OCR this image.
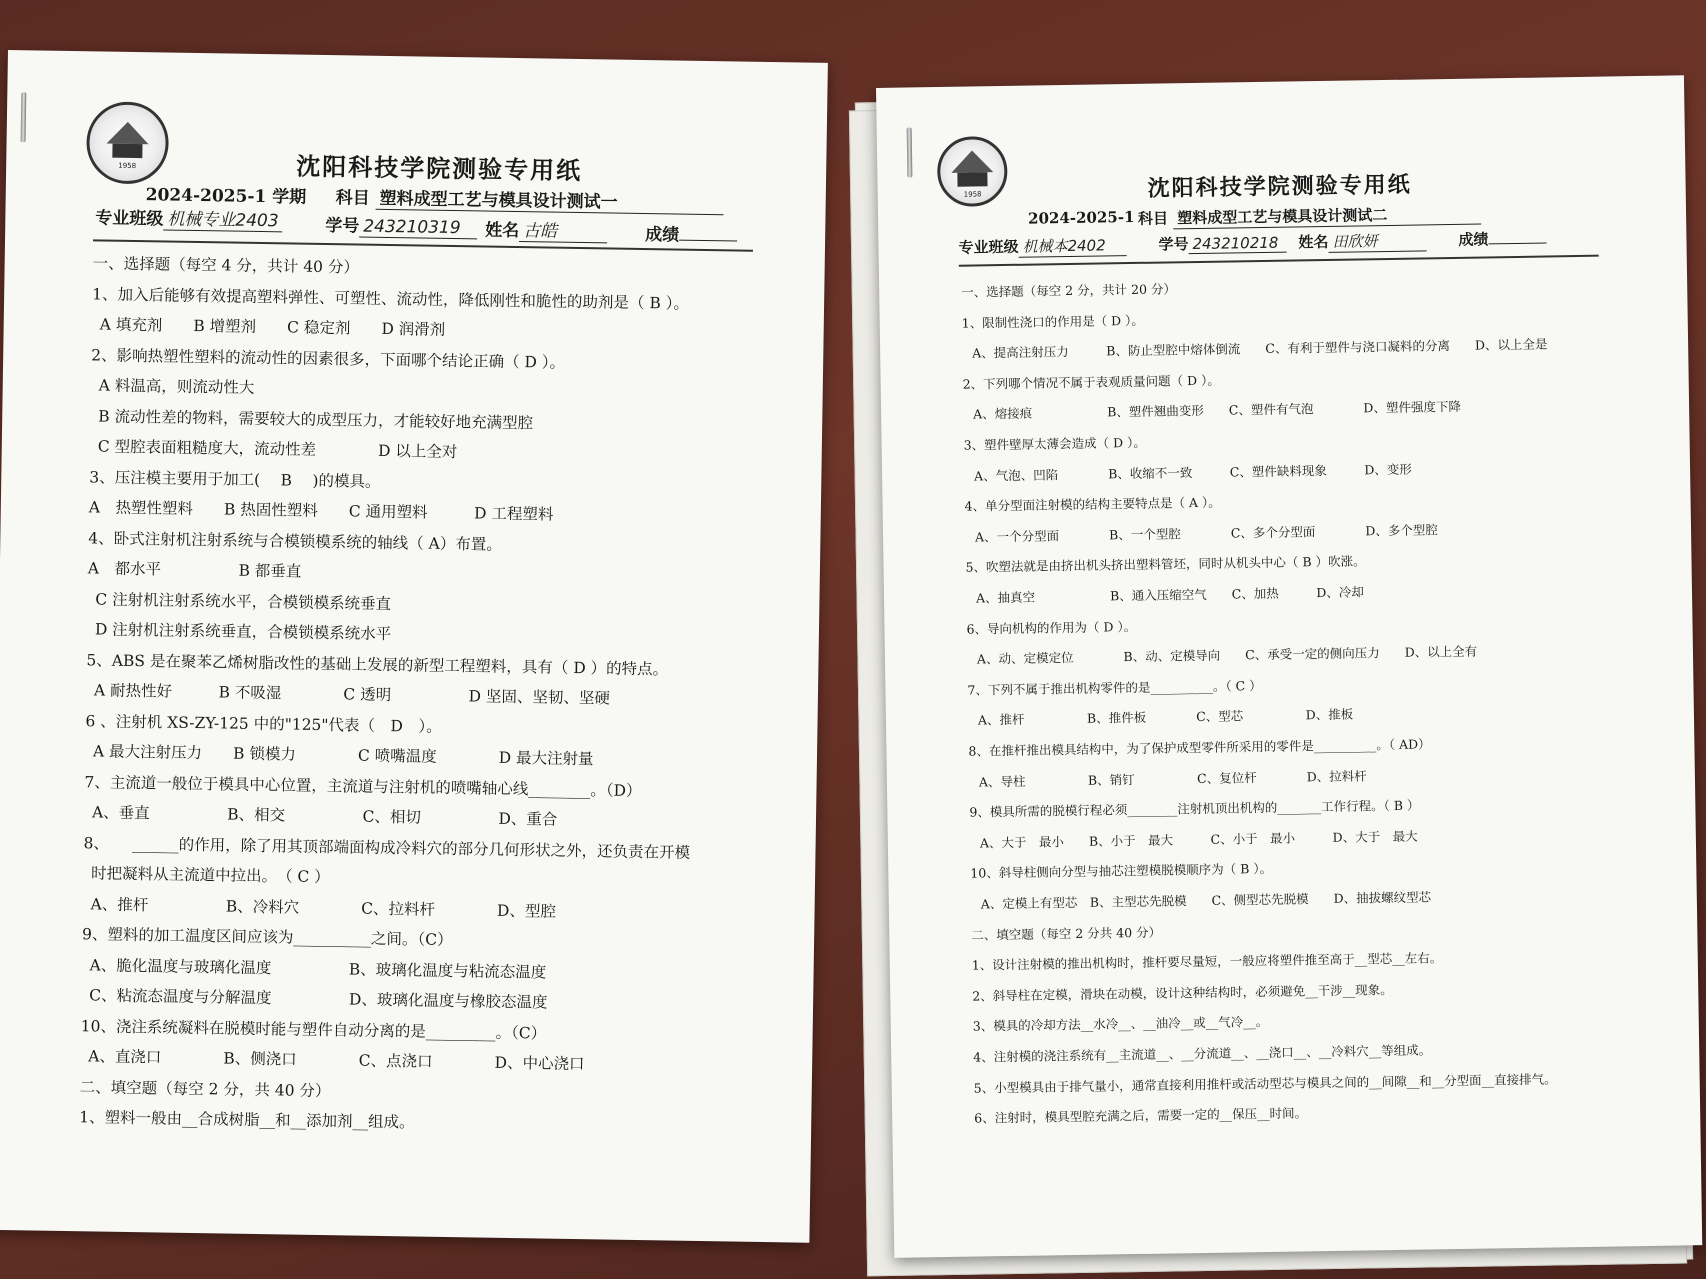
1958	沈阳科技学院测验专用纸
2024-2025-1 学期 科目 塑料成型工艺与模具设计测试一
专业班级 机械专业2403	学号 243210319	姓名 古皓	成绩
一、选择题（每空 4 分，共计 40 分）
1、加入后能够有效提高塑料弹性、可塑性、流动性，降低刚性和脆性的助剂是（ B ）。
A 填充剂　　B 增塑剂　　C 稳定剂　　D 润滑剂
2、影响热塑性塑料的流动性的因素很多，下面哪个结论正确（ D ）。
A 料温高，则流动性大
B 流动性差的物料，需要较大的成型压力，才能较好地充满型腔
C 型腔表面粗糙度大，流动性差　　　　D 以上全对
3、压注模主要用于加工(　 B　 )的模具。
A　热塑性塑料　　B 热固性塑料　　C 通用塑料　　　D 工程塑料
4、卧式注射机注射系统与合模锁模系统的轴线（ A）布置。
A　都水平　　　　　B 都垂直
C 注射机注射系统水平，合模锁模系统垂直
D 注射机注射系统垂直，合模锁模系统水平
5、ABS 是在聚苯乙烯树脂改性的基础上发展的新型工程塑料，具有（ D ）的特点。
A 耐热性好　　　B 不吸湿　　　　C 透明　　　　　D 坚固、坚韧、坚硬
6 、注射机 XS-ZY-125 中的"125"代表（　D　）。
A 最大注射压力　　B 锁模力　　　　C 喷嘴温度　　　　D 最大注射量
7、主流道一般位于模具中心位置，主流道与注射机的喷嘴轴心线________。（D）
A、垂直　　　　　B、相交　　　　　C、相切　　　　　D、重合
8、　　______的作用，除了用其顶部端面构成冷料穴的部分几何形状之外，还负责在开模
时把凝料从主流道中拉出。　（ C ）
A、推杆　　　　　B、冷料穴　　　　C、拉料杆　　　　D、型腔
9、塑料的加工温度区间应该为__________之间。（C）
A、脆化温度与玻璃化温度　　　　　B、玻璃化温度与粘流态温度
C、粘流态温度与分解温度　　　　　D、玻璃化温度与橡胶态温度
10、浇注系统凝料在脱模时能与塑件自动分离的是_________。（C）
A、直浇口　　　　B、侧浇口　　　　C、点浇口　　　　D、中心浇口
二、填空题（每空 2 分，共 40 分）
1、塑料一般由__合成树脂__和__添加剂__组成。
1958	沈阳科技学院测验专用纸
2024-2025-1 科目 塑料成型工艺与模具设计测试二
专业班级 机械本2402	学号 243210218	姓名 田欣妍	成绩
一、选择题（每空 2 分，共计 20 分）
1、限制性浇口的作用是（ D ）。
A、提高注射压力　　　B、防止型腔中熔体倒流　　C、有利于塑件与浇口凝料的分离　　D、以上全是
2、下列哪个情况不属于表观质量问题（ D ）。
A、熔接痕　　　　　　B、塑件翘曲变形　　C、塑件有气泡　　　　D、塑件强度下降
3、塑件壁厚太薄会造成（ D ）。
A、气泡、凹陷　　　　B、收缩不一致　　　C、塑件缺料现象　　　D、变形
4、单分型面注射模的结构主要特点是（ A ）。
A、一个分型面　　　　B、一个型腔　　　　C、多个分型面　　　　D、多个型腔
5、吹塑法就是由挤出机头挤出塑料管坯，同时从机头中心（ B ）吹涨。
A、抽真空　　　　　　B、通入压缩空气　　C、加热　　　D、冷却
6、导向机构的作用为（ D ）。
A、动、定模定位　　　　B、动、定模导向　　C、承受一定的侧向压力　　D、以上全有
7、下列不属于推出机构零件的是__________。（ C ）
A、推杆　　　　　B、推件板　　　　C、型芯　　　　　D、推板
8、在推杆推出模具结构中，为了保护成型零件所采用的零件是__________。（ AD）
A、导柱　　　　　B、销钉　　　　　C、复位杆　　　　D、拉料杆
9、模具所需的脱模行程必须________注射机顶出机构的_______工作行程。（ B ）
A、大于　最小　　B、小于　最大　　　C、小于　最小　　　D、大于　最大
10、斜导柱侧向分型与抽芯注塑模脱模顺序为（ B ）。
A、定模上有型芯　B、主型芯先脱模　　C、侧型芯先脱模　　D、抽拔螺纹型芯
二、填空题（每空 2 分共 40 分）
1、设计注射模的推出机构时，推杆要尽量短，一般应将塑件推至高于__型芯__左右。
2、斜导柱在定模，滑块在动模，设计这种结构时，必须避免__干涉__现象。
3、模具的冷却方法__水冷__、__油冷__或__气冷__。
4、注射模的浇注系统有__主流道__、__分流道__、__浇口__、__冷料穴__等组成。
5、小型模具由于排气量小，通常直接利用推杆或活动型芯与模具之间的__间隙__和__分型面__直接排气。
6、注射时，模具型腔充满之后，需要一定的__保压__时间。
